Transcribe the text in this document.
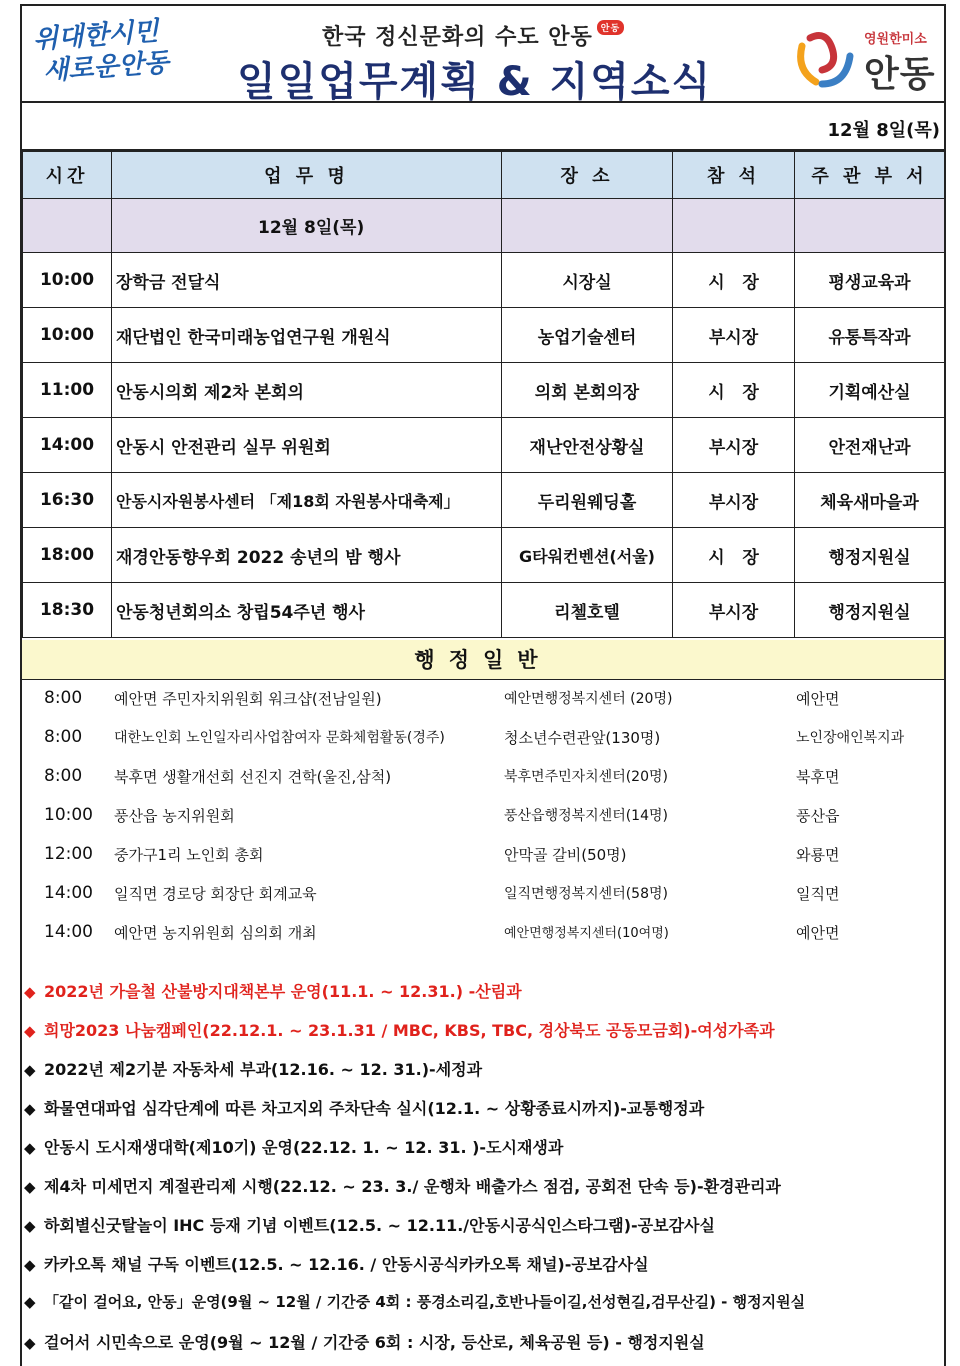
위대한시민
새로운안동
한국 정신문화의 수도 안동 안동
일일업무계획 & 지역소식
영원한미소
안동
12월 8일(목)
시간	업 무 명	장 소	참 석	주 관 부 서
	12월 8일(목)			
10:00	장학금 전달식	시장실	시   장	평생교육과
10:00	재단법인 한국미래농업연구원 개원식	농업기술센터	부시장	유통특작과
11:00	안동시의회 제2차 본회의	의회 본회의장	시   장	기획예산실
14:00	안동시 안전관리 실무 위원회	재난안전상황실	부시장	안전재난과
16:30	안동시자원봉사센터 「제18회 자원봉사대축제」	두리원웨딩홀	부시장	체육새마을과
18:00	재경안동향우회 2022 송년의 밤 행사	G타워컨벤션(서울)	시   장	행정지원실
18:30	안동청년회의소 창립54주년 행사	리첼호텔	부시장	행정지원실
행정일반
8:00	예안면 주민자치위원회 워크샵(전남일원)	예안면행정복지센터 (20명)	예안면
8:00	대한노인회 노인일자리사업참여자 문화체험활동(경주)	청소년수련관앞(130명)	노인장애인복지과
8:00	북후면 생활개선회 선진지 견학(울진,삼척)	북후면주민자치센터(20명)	북후면
10:00	풍산읍 농지위원회	풍산읍행정복지센터(14명)	풍산읍
12:00	중가구1리 노인회 총회	안막골 갈비(50명)	와룡면
14:00	일직면 경로당 회장단 회계교육	일직면행정복지센터(58명)	일직면
14:00	예안면 농지위원회 심의회 개최	예안면행정복지센터(10여명)	예안면
◆ 2022년 가을철 산불방지대책본부 운영(11.1. ~ 12.31.) -산림과
◆ 희망2023 나눔캠페인(22.12.1. ~ 23.1.31 / MBC, KBS, TBC, 경상북도 공동모금회)-여성가족과
◆ 2022년 제2기분 자동차세 부과(12.16. ~ 12. 31.)-세정과
◆ 화물연대파업 심각단계에 따른 차고지외 주차단속 실시(12.1. ~ 상황종료시까지)-교통행정과
◆ 안동시 도시재생대학(제10기) 운영(22.12. 1. ~ 12. 31. )-도시재생과
◆ 제4차 미세먼지 계절관리제 시행(22.12. ~ 23. 3./ 운행차 배출가스 점검, 공회전 단속 등)-환경관리과
◆ 하회별신굿탈놀이 IHC 등재 기념 이벤트(12.5. ~ 12.11./안동시공식인스타그램)-공보감사실
◆ 카카오톡 채널 구독 이벤트(12.5. ~ 12.16. / 안동시공식카카오톡 채널)-공보감사실
◆ 「같이 걸어요, 안동」운영(9월 ~ 12월 / 기간중 4회 : 풍경소리길,호반나들이길,선성현길,검무산길) - 행정지원실
◆ 걸어서 시민속으로 운영(9월 ~ 12월 / 기간중 6회 : 시장, 등산로, 체육공원 등) - 행정지원실
